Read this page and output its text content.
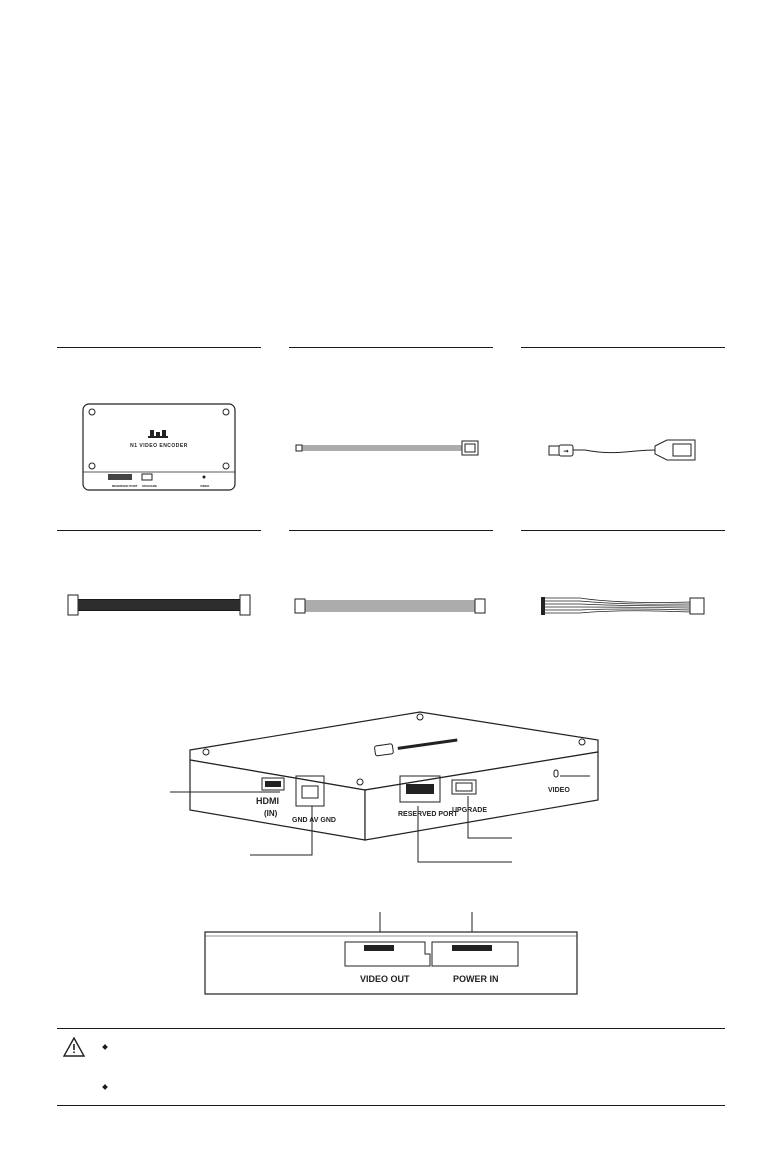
N1 VIDEO ENCODER
RESERVED PORT UPGRADE	VIDEO
⇝
HDMI
(IN)
GND AV GND
RESERVED PORT
UPGRADE
VIDEO
VIDEO OUT	POWER IN
